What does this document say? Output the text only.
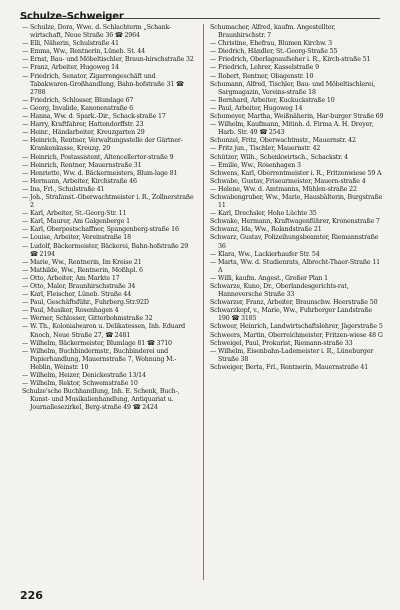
Schulze–Schweiger
— Schulze, Dora, Wwe. d. Schlachterm „Schank-wirtschaft, Neue Straße 36 ☎ 2964
— Elli, Näherin, Schulstraße 41
— Emma, Ww., Rentnerin, Lüneb. St. 44
— Ernst, Bau- und Möbeltischler, Braun-hirschstraße 32
— Franz, Arbeiter, Hugoweg 14
— Friedrich, Senator, Zigarrengeschäft und Tabakwaren-Großhandlung, Bahn-hofstraße 31 ☎ 2788
— Friedrich, Schlosser, Blumlage 67
— Georg, Invalide, Kanonenstraße 6
— Hanna, Ww. d. Spark.-Dir., Schack-straße 17
— Harry, Kraftfahrer, Hattendorffstr. 23
— Heinr., Händarbeiter, Kreuzgarten 29
— Heinrich, Rentner, Verwaltungsstelle der Gärtner-Krankenkasse, Kreuzg. 20
— Heinrich, Postassistent, Altencellertor-straße 9
— Heinrich, Rentner, Mauernstraße 31
— Henriette, Ww. d. Bäckermeisters, Blum-lage 81
— Hermann, Arbeiter, Kirchstraße 46
— Ina, Frl., Schulstraße 41
— Joh., Strafanst.-Oberwachtmeister i. R., Zollnerstraße 2
— Karl, Arbeiter, St.-Georg-Str. 11
— Karl, Maurer, Am Galgenberge 1
— Karl, Oberpostschaffner, Spangenberg-straße 16
— Louise, Arbeiter, Vereinstraße 18
— Ludolf, Bäckermeister, Bäckerei, Bahn-hofstraße 29 ☎ 2194
— Marie, Ww., Rentnerin, Im Kreise 21
— Mathilde, Ww., Rentnerin, Moßhpl. 6
— Otto, Arbeiter, Am Markte 17
— Otto, Maler, Braunhirschstraße 34
— Karl, Fleischer, Lüneb. Straße 44
— Paul, Geschäftsführ., Fuhrberg.Str.92D
— Paul, Musiker, Rosenhagen 4
— Werner, Schlosser, Gitterbohmstraße 32
— W. Th., Kolonialwaren u. Delikatessen, Inh. Eduard Knoch, Neue Straße 27, ☎ 2481
— Wilhelm, Bäckermeister, Blumlage 81 ☎ 3710
— Wilhelm, Buchbindermstr., Buchbinderei und Papierhandlung, Mauernstraße 7, Wohnung M.-Heblin, Weinstr. 10
— Wilhelm, Heizer, Denickestraße 13/14
— Wilhelm, Rektor, Schwemstraße 10
Schulze'sche Buchhandlung, Inh. E. Schenk, Buch-, Kunst- und Musikalienhandlung, Antiquariat u. Journallesezirkel, Berg-straße 49 ☎ 2424
Schumacher, Alfred, kaufm. Angestellter, Braunhirschstr. 7
— Christine, Ehefrau, Blumen Kirchw. 3
— Diedrich, Händler, St.-Georg-Straße 55
— Friedrich, Oberlagoaufseher i. R., Kirch-straße 51
— Friedrich, Lehrer, Kasselstraße 9
— Robert, Rentner, Obagenstr. 10
Schumann, Alfred, Tischler, Bau- und Möbeltischlerei, Sargmagazin, Vereins-straße 18
— Bernhard, Arbeiter, Kuckuckstraße 10
— Paul, Arbeiter, Hugoweg 14
Schumeyer, Martha, Weißnäherin, Har-burger Straße 69
— Wilhelm, Kaufmann, Mitinh. d. Firma A. H. Dreyer, Harb. Str. 49 ☎ 2543
Schunzel, Fritz, Oberwachtmstr., Mauernstr. 42
— Fritz jun., Tischler, Mauernstr. 42
Schützer, Wilh., Schenkwirtsch., Schackstr. 4
— Emilie, Ww., Rosenhagen 3
Schwens, Karl, Oberrentmeister i. R., Fritzenwiese 59 A
Schwabe, Gustav, Friseurmeister, Mauern-straße 4
— Helene, Ww. d. Amtmanns, Mühlen-straße 22
Schwabengruber, Ww., Marie, Hausbälterin, Burgstraße 11
— Karl, Drechsler, Hohe Lüchte 35
Schwake, Hermann, Kraftwagenführer, Kronenstraße 7
Schwanz, Ida, Ww., Rolandstraße 21
Schwarz, Gustav, Polizeihungsbeamter, Riemannstraße 36
— Klara, Ww., Lackierhaufer Str. 54
— Marta, Ww. d. Studienrats, Albrecht-Thaer-Straße 11 A
— Willi, kaufm. Angest., Großer Plan 1
Schwarze, Kuno, Dr., Oberlandesgerichts-rat, Hannoversche Straße 33
Schwarzer, Franz, Arbeiter, Braunschw. Heerstraße 50
Schwarzkopf, v., Marie, Ww., Fuhrberger Landstraße 190 ☎ 3185
Schweer, Heinrich, Landwirtschaftslehrer, Jägerstraße 5
Schweers, Martin, Oberreichmeister, Fritzen-wiese 48 G
Schweigel, Paul, Prokurist, Riemann-straße 33
— Wilhelm, Eisenbahn-Lademeister i. R., Lüneburger Straße 38
Schweiger, Berta, Frl., Rentnerin, Mauernstraße 41
226
